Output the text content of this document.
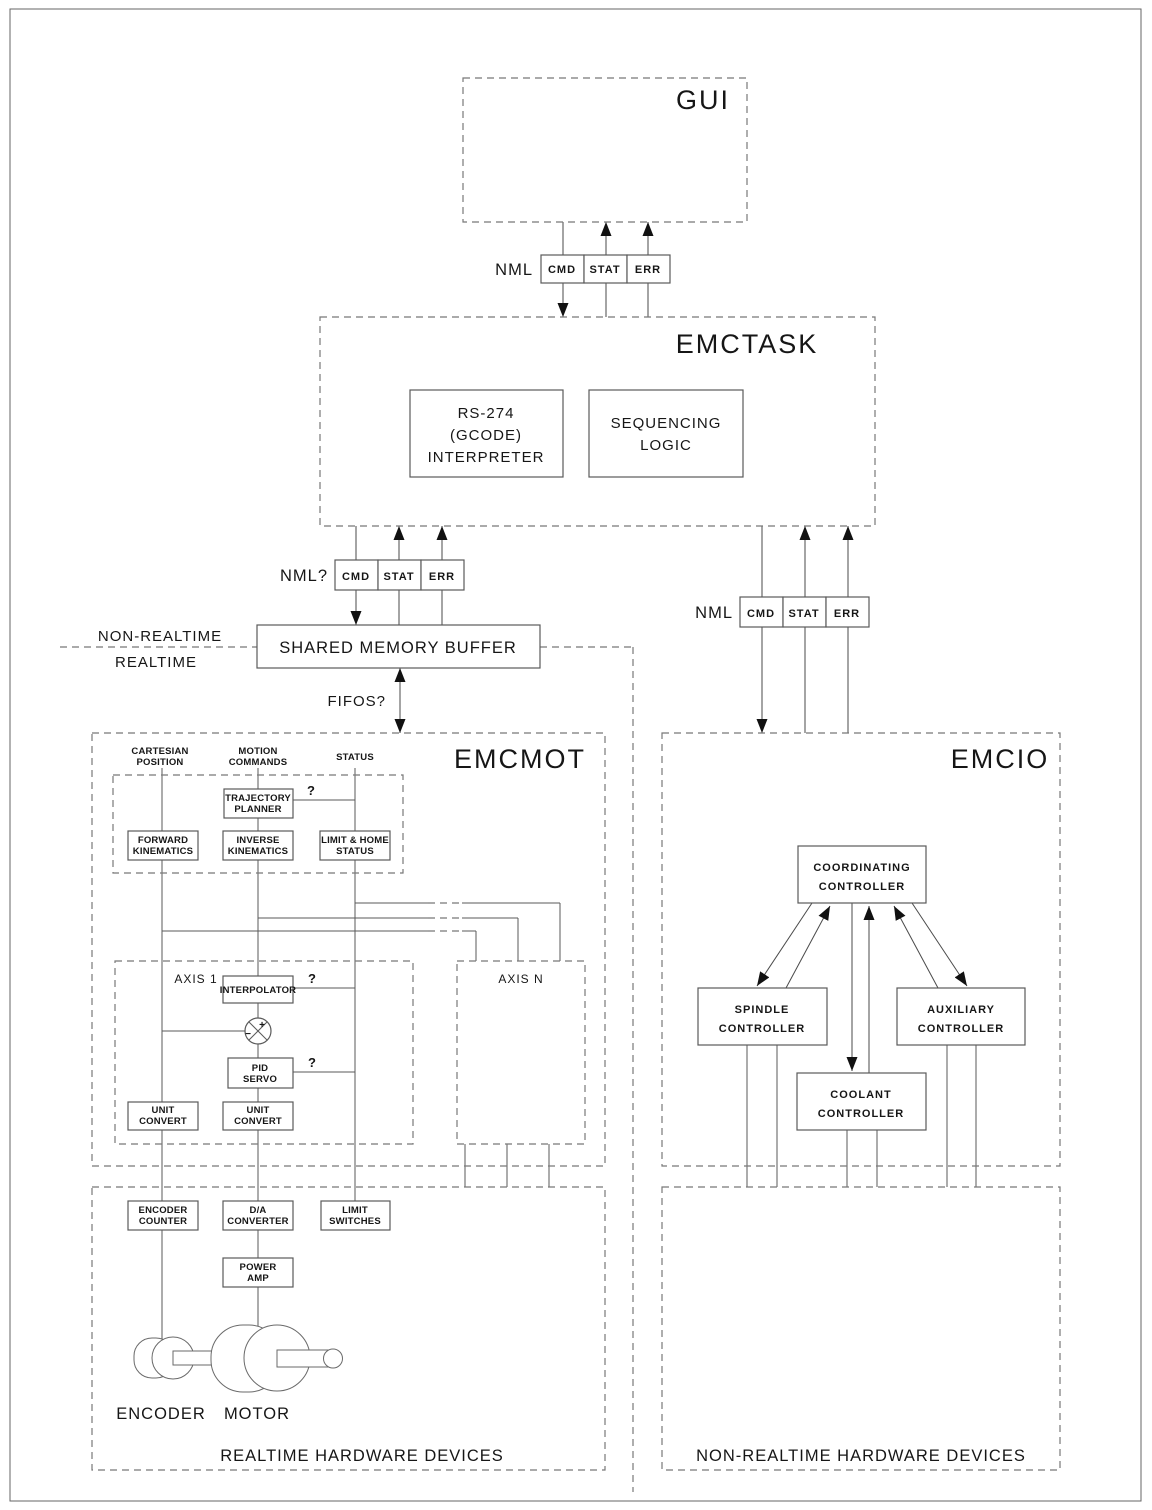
GUI
NML CMD STAT ERR
EMCTASK
RS-274
(GCODE)
INTERPRETER
SEQUENCING
LOGIC
NML? CMD STAT ERR
NML CMD STAT ERR
NON-REALTIME
REALTIME
SHARED MEMORY BUFFER
FIFOS?
EMCMOT
CARTESIAN
POSITION
MOTION
COMMANDS	STATUS
TRAJECTORY
PLANNER
?
FORWARD
KINEMATICS
INVERSE
KINEMATICS
LIMIT & HOME
STATUS
AXIS 1	AXIS N
INTERPOLATOR
?
+
−
PID
SERVO
?
UNIT
CONVERT
UNIT
CONVERT
EMCIO
COORDINATING
CONTROLLER
SPINDLE
CONTROLLER
AUXILIARY
CONTROLLER
COOLANT
CONTROLLER
ENCODER
COUNTER
D/A
CONVERTER
LIMIT
SWITCHES
POWER
AMP
ENCODER MOTOR
REALTIME HARDWARE DEVICES	NON-REALTIME HARDWARE DEVICES
